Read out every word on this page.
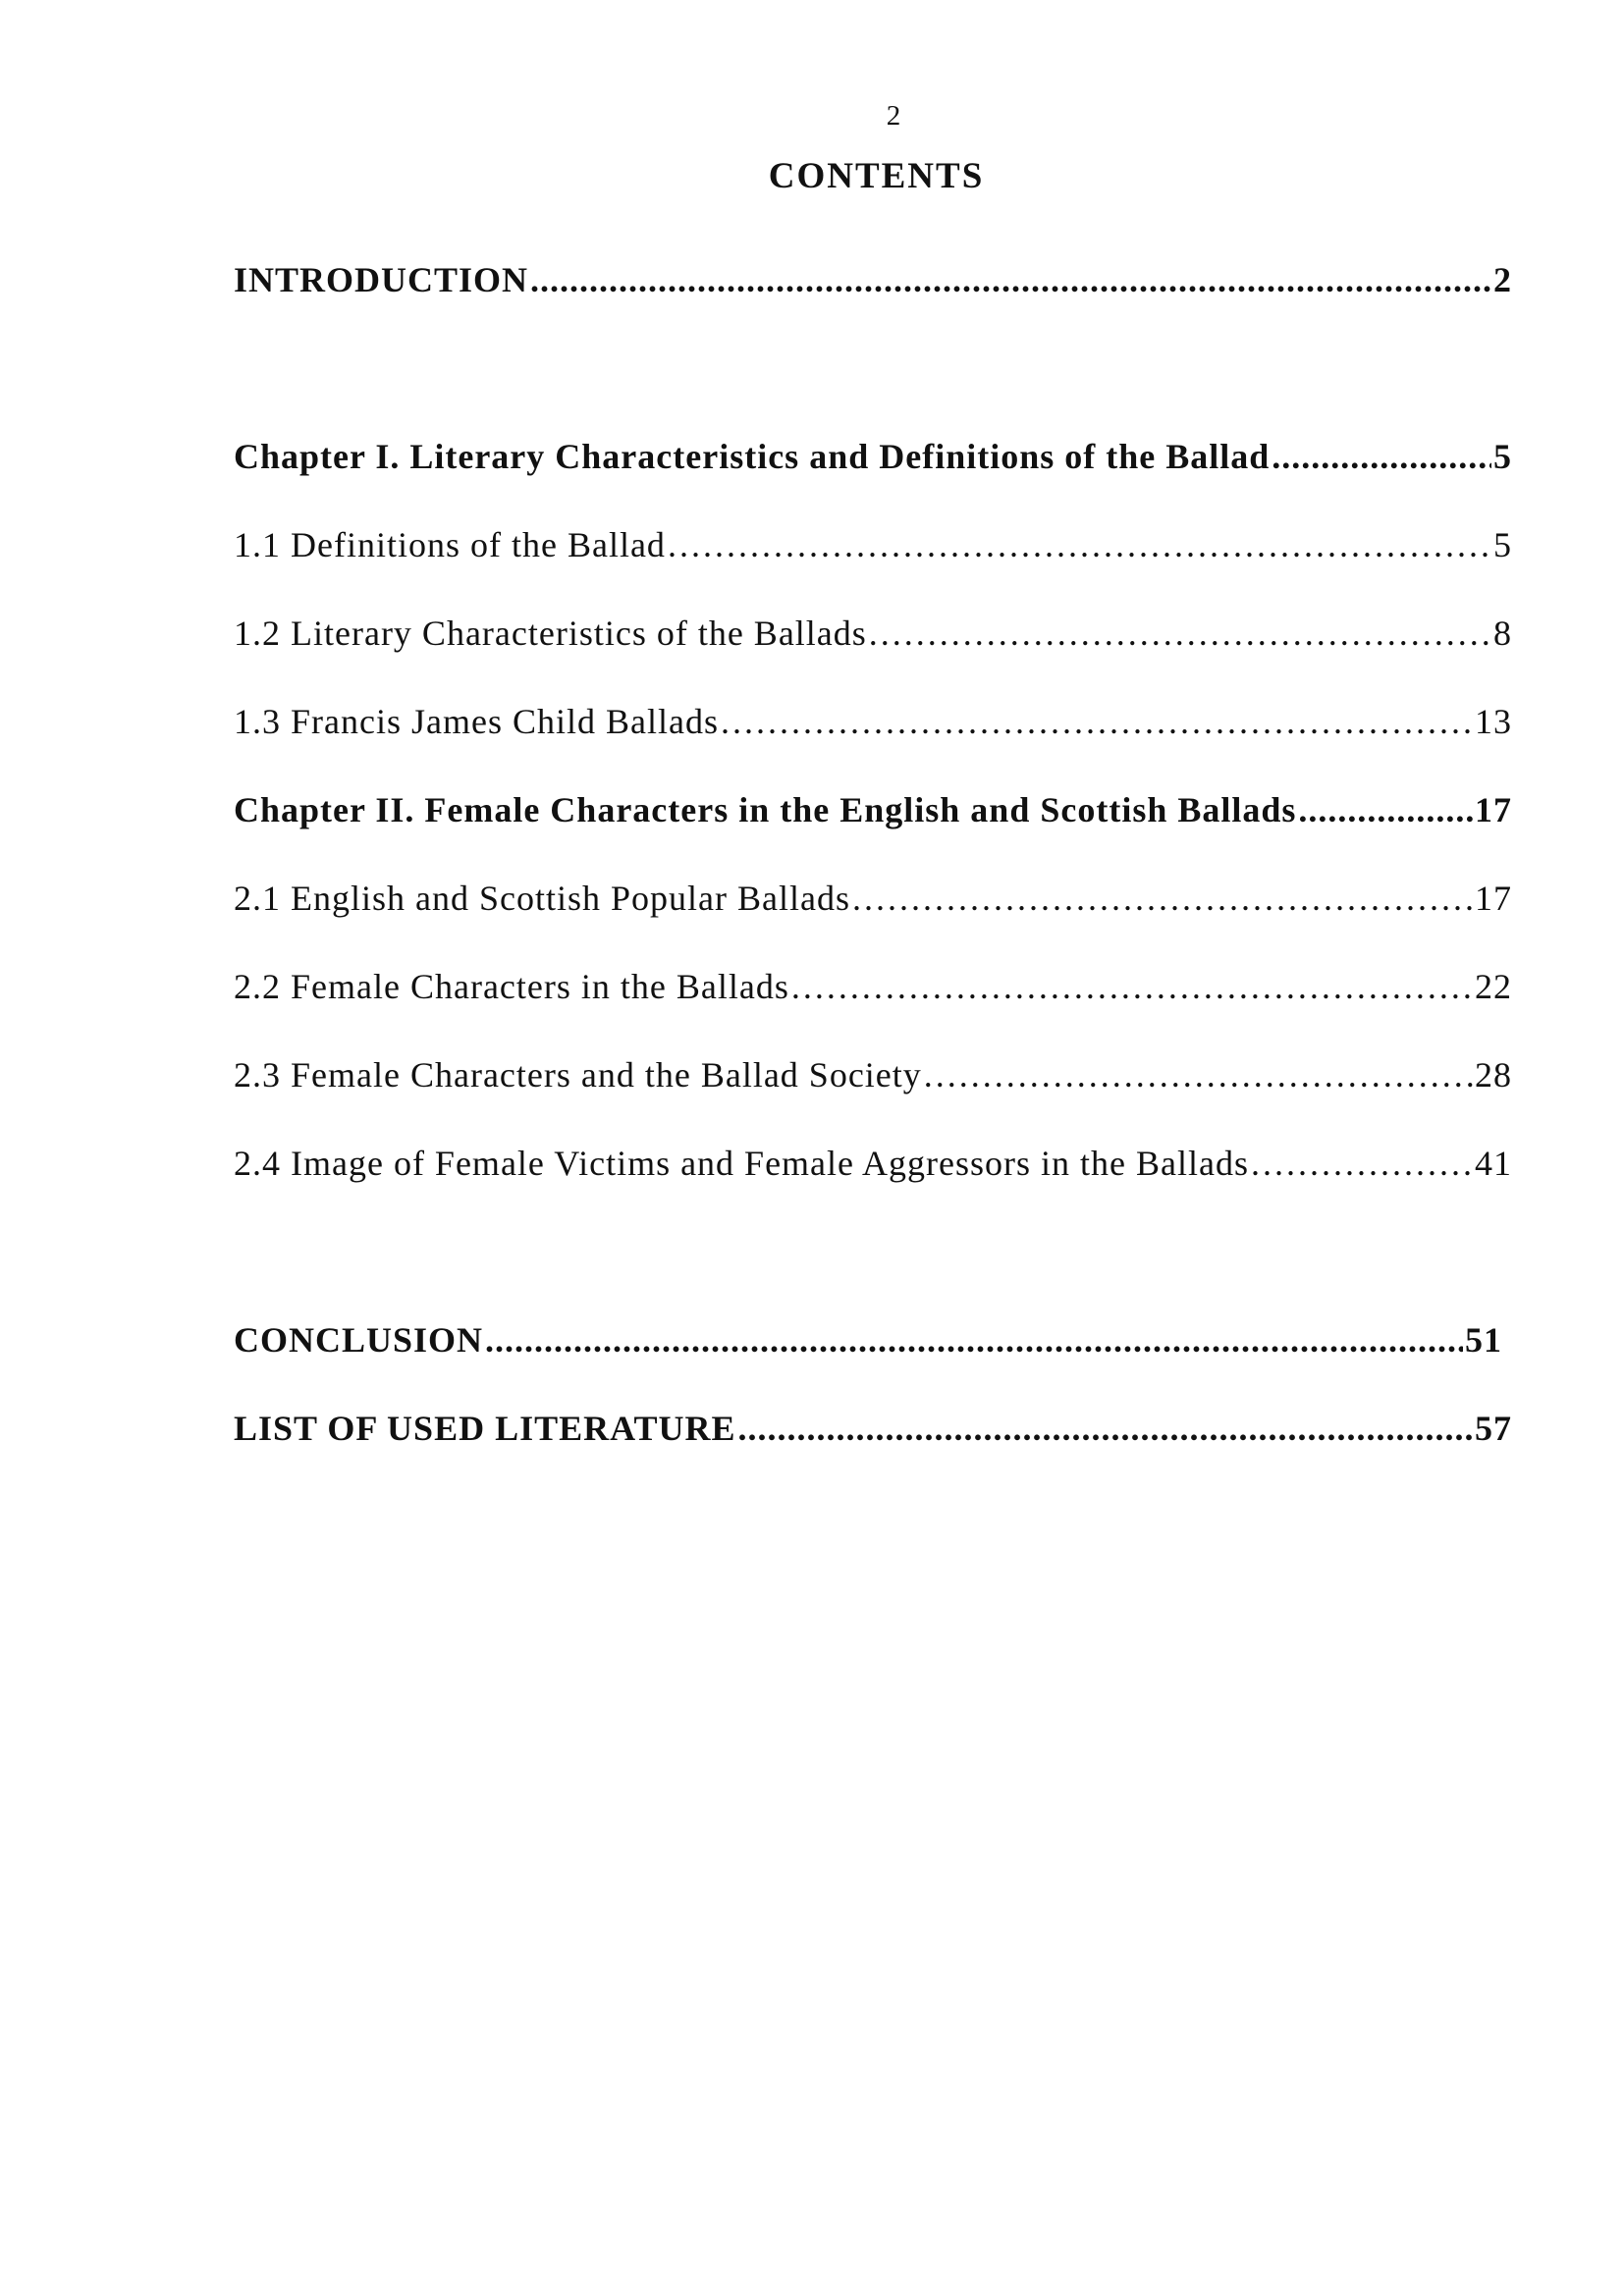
2
CONTENTS
INTRODUCTION .....	2
Chapter I. Literary Characteristics and Definitions of the Ballad .....	5
1.1 Definitions of the Ballad .....	5
1.2 Literary Characteristics of the Ballads .....	8
1.3 Francis James Child Ballads .....	13
Chapter II. Female Characters in the English and Scottish Ballads .....	17
2.1 English and Scottish Popular Ballads .....	17
2.2 Female Characters in the Ballads .....	22
2.3 Female Characters and the Ballad Society .....	28
2.4 Image of Female Victims and Female Aggressors in the Ballads .....	41
CONCLUSION .....	51
LIST OF USED LITERATURE .....	57
